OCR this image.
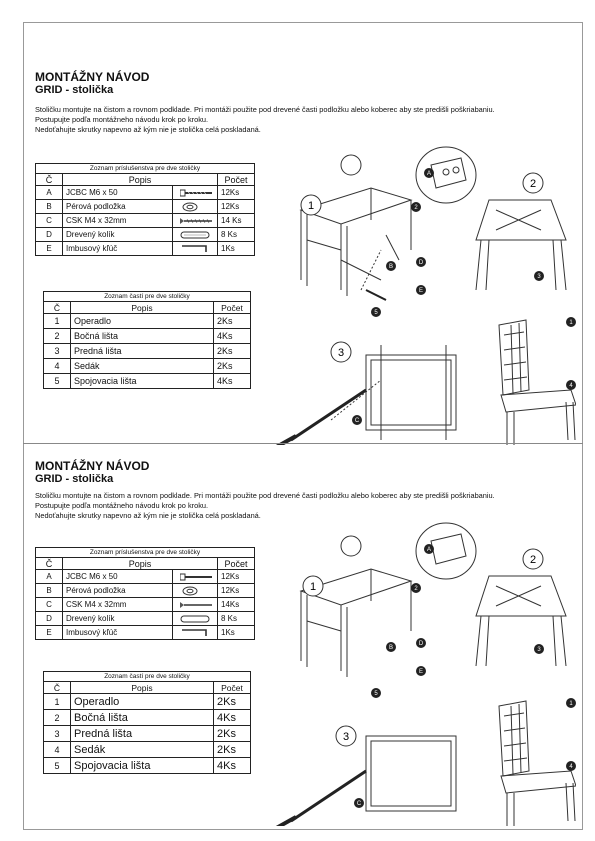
MONTÁŽNY NÁVOD
GRID - stolička
Stoličku montujte na čistom a rovnom podklade. Pri montáži použite pod drevené časti podložku alebo koberec aby ste predišli poškriabaniu.
Postupujte podľa montážneho návodu krok po kroku.
Nedoťahujte skrutky napevno až kým nie je stolička celá poskladaná.
Zoznam príslušenstva pre dve stoličky
Č	Popis		Počet
A	JCBC M6 x 50		12Ks
B	Pérová podložka		12Ks
C	CSK M4 x 32mm		14 Ks
D	Drevený kolík		8 Ks
E	Imbusový kľúč		1Ks
Zoznam častí pre dve stoličky
Č	Popis	Počet
1	Operadlo	2Ks
2	Bočná lišta	4Ks
3	Predná lišta	2Ks
4	Sedák	2Ks
5	Spojovacia lišta	4Ks
1
2
3
1
2
3
4
5
A
B
C
D
E
MONTÁŽNY NÁVOD
GRID - stolička
Stoličku montujte na čistom a rovnom podklade. Pri montáži použite pod drevené časti podložku alebo koberec aby ste predišli poškriabaniu.
Postupujte podľa montážneho návodu krok po kroku.
Nedoťahujte skrutky napevno až kým nie je stolička celá poskladaná.
Zoznam príslušenstva pre dve stoličky
Č	Popis		Počet
A	JCBC M6 x 50		12Ks
B	Pérová podložka		12Ks
C	CSK M4 x 32mm		14Ks
D	Drevený kolík		8 Ks
E	Imbusový kľúč		1Ks
Zoznam častí pre dve stoličky
Č	Popis	Počet
1	Operadlo	2Ks
2	Bočná lišta	4Ks
3	Predná lišta	2Ks
4	Sedák	2Ks
5	Spojovacia lišta	4Ks
1
2
3
1
2
3
4
5
A
B
C
D
E
